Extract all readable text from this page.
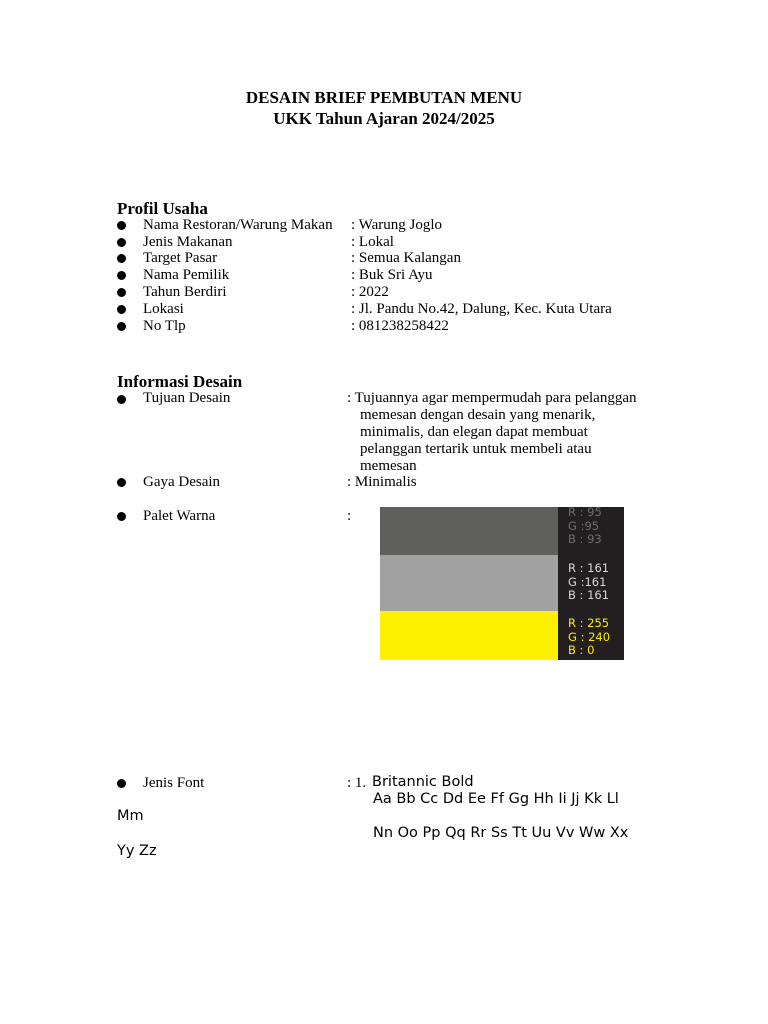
DESAIN BRIEF PEMBUTAN MENU
UKK Tahun Ajaran 2024/2025
Profil Usaha
Nama Restoran/Warung Makan : Warung Joglo
Jenis Makanan	: Lokal
Target Pasar	: Semua Kalangan
Nama Pemilik	: Buk Sri Ayu
Tahun Berdiri	: 2022
Lokasi	: Jl. Pandu No.42, Dalung, Kec. Kuta Utara
No Tlp	: 081238258422
Informasi Desain
Tujuan Desain	: Tujuannya agar mempermudah para pelanggan
memesan dengan desain yang menarik,
minimalis, dan elegan dapat membuat
pelanggan tertarik untuk membeli atau
memesan
Gaya Desain	: Minimalis
Palet Warna	:	R : 95
G :95
B : 93
R : 161
G :161
B : 161
R : 255
G : 240
B : 0
Jenis Font	: 1. Britannic Bold
Aa Bb Cc Dd Ee Ff Gg Hh Ii Jj Kk Ll
Mm
Nn Oo Pp Qq Rr Ss Tt Uu Vv Ww Xx
Yy Zz
